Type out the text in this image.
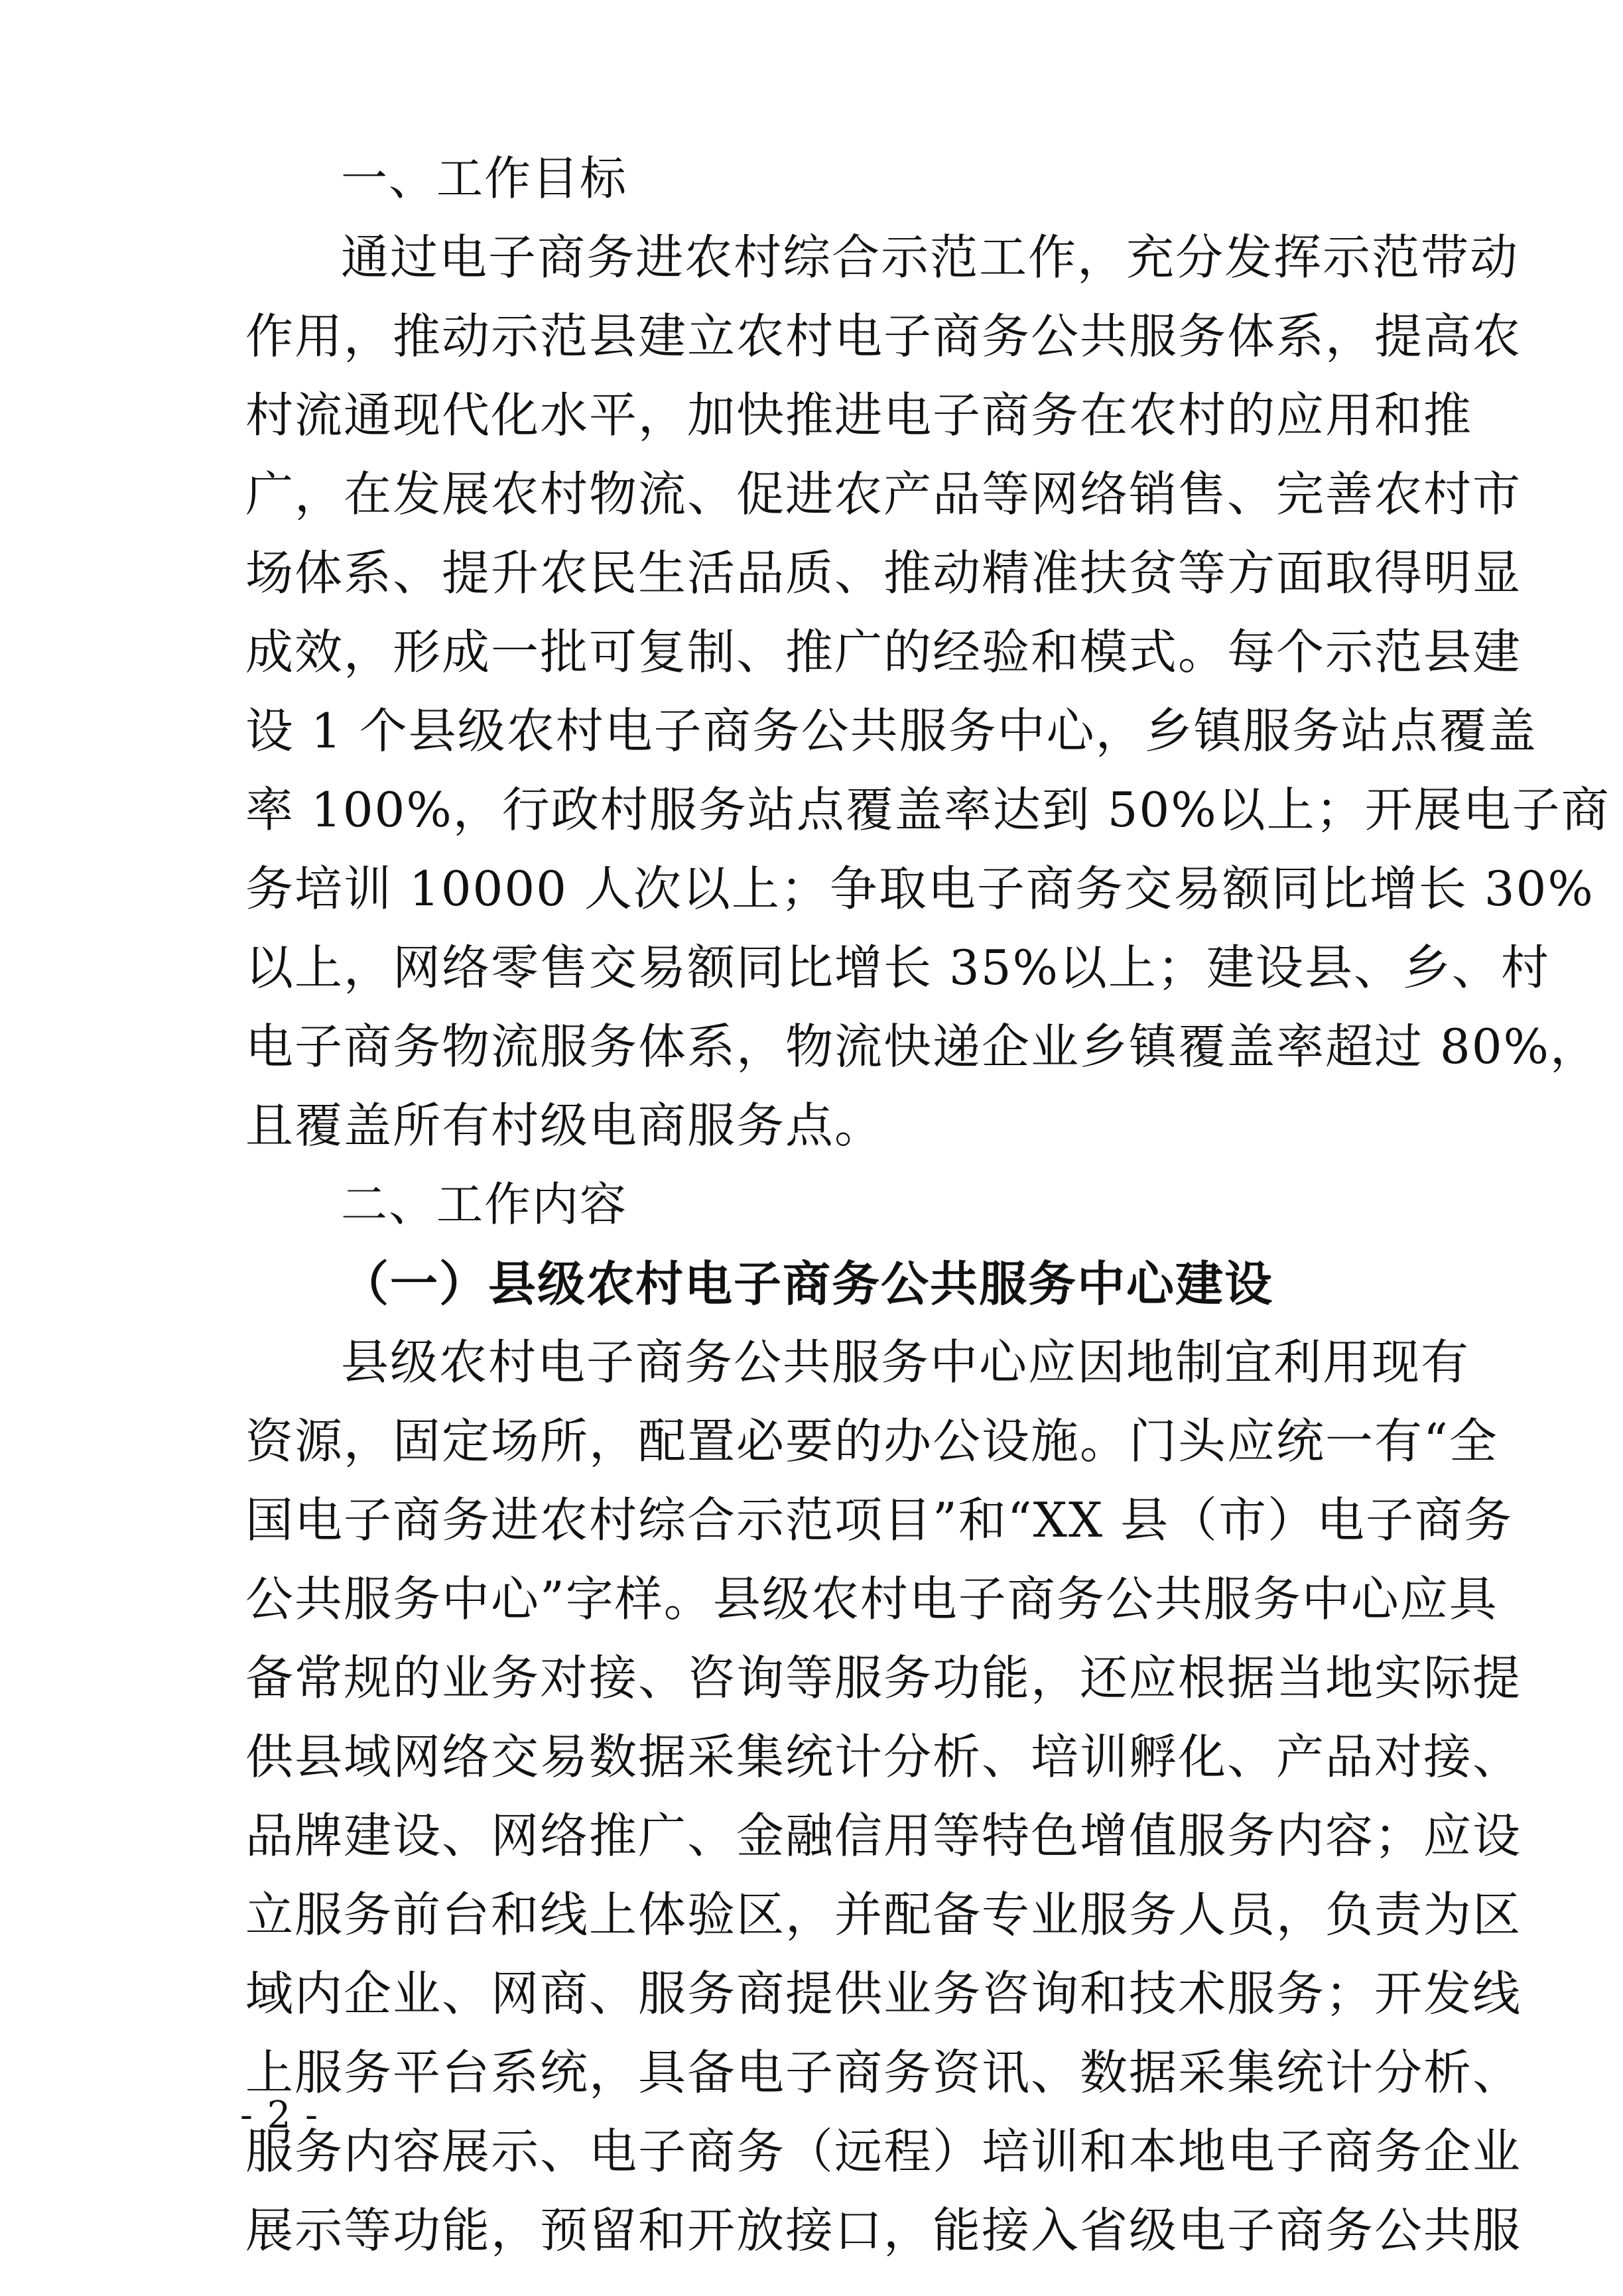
一、工作目标
通过电子商务进农村综合示范工作，充分发挥示范带动
作用，推动示范县建立农村电子商务公共服务体系，提高农
村流通现代化水平，加快推进电子商务在农村的应用和推
广，在发展农村物流、促进农产品等网络销售、完善农村市
场体系、提升农民生活品质、推动精准扶贫等方面取得明显
成效，形成一批可复制、推广的经验和模式。每个示范县建
设 1 个县级农村电子商务公共服务中心，乡镇服务站点覆盖
率 100%，行政村服务站点覆盖率达到 50%以上；开展电子商
务培训 10000 人次以上；争取电子商务交易额同比增长 30%
以上，网络零售交易额同比增长 35%以上；建设县、乡、村
电子商务物流服务体系，物流快递企业乡镇覆盖率超过 80%，
且覆盖所有村级电商服务点。
二、工作内容
（一）县级农村电子商务公共服务中心建设
县级农村电子商务公共服务中心应因地制宜利用现有
资源，固定场所，配置必要的办公设施。门头应统一有“全
国电子商务进农村综合示范项目”和“XX 县（市）电子商务
公共服务中心”字样。县级农村电子商务公共服务中心应具
备常规的业务对接、咨询等服务功能，还应根据当地实际提
供县域网络交易数据采集统计分析、培训孵化、产品对接、
品牌建设、网络推广、金融信用等特色增值服务内容；应设
立服务前台和线上体验区，并配备专业服务人员，负责为区
域内企业、网商、服务商提供业务咨询和技术服务；开发线
上服务平台系统，具备电子商务资讯、数据采集统计分析、
服务内容展示、电子商务（远程）培训和本地电子商务企业
展示等功能，预留和开放接口，能接入省级电子商务公共服
- 2 -
